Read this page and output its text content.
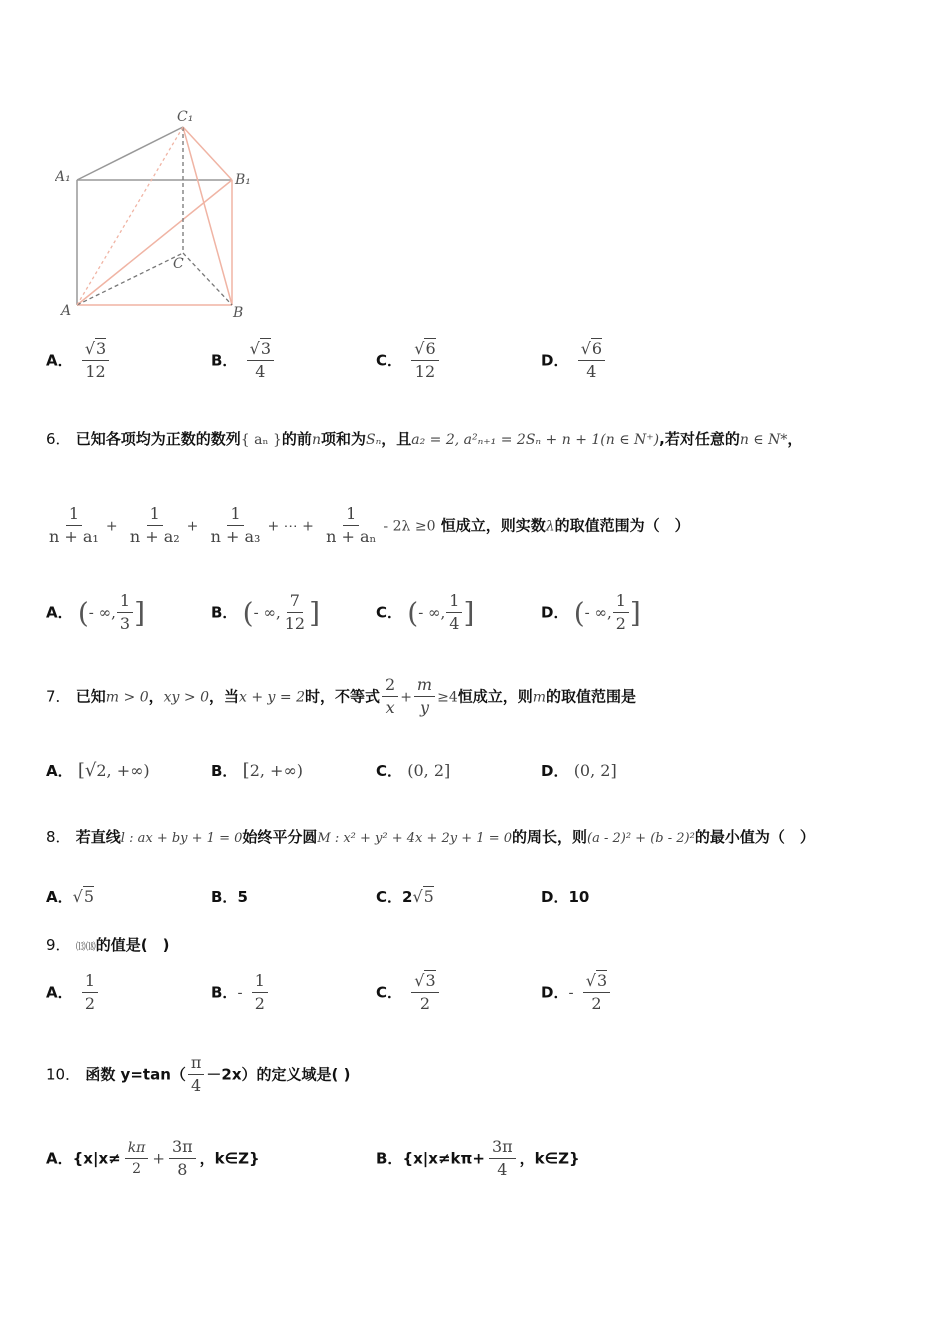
C₁
A₁	B₁
C
A	B
A． $\frac{√3}{12}$	B． $\frac{√3}{4}$	C． $\frac{√6}{12}$	D． $\frac{√6}{4}$
6． 已知各项均为正数的数列{ aₙ }的前n项和为Sₙ，且a₂ = 2, a²ₙ₊₁ = 2Sₙ + n + 1(n ∈ N⁺),若对任意的n ∈ N*，
$\frac{1}{\text{n + a₁}} + \frac{1}{\text{n + a₂}} + \frac{1}{\text{n + a₃}}$ + ⋯ + $\frac{1}{\text{n + aₙ}} - 2\lambda \ge 0$ 恒成立，则实数λ的取值范围为（　）
A． (- ∞, $\frac{1}{3}$ ]	B． (- ∞, $\frac{7}{12}$ ]	C． (- ∞, $\frac{1}{4}$ ]	D． (- ∞, $\frac{1}{2}$ ]
7． 已知m > 0，xy > 0，当x + y = 2时，不等式 $\frac{2}{x} + \frac{m}{y} \ge 4$恒成立，则m的取值范围是
A． [√2, +∞)	B． [2, +∞)	C． (0, 2]	D． (0, 2]
8． 若直线l : ax + by + 1 = 0始终平分圆M : x² + y² + 4x + 2y + 1 = 0的周长，则(a - 2)² + (b - 2)²的最小值为（　）
A．√5	B．5	C．2√5	D．10
9． ⒀⒅的值是(　)
A． $\frac{1}{2}$	B．- $\frac{1}{2}$	C． $\frac{√3}{2}$	D．- $\frac{√3}{2}$
10． 函数 $y=\tan( \frac{\pi}{4} -2x)$的定义域是( )
A．{$x|x\ne \frac{k\pi}{2} + \frac{3\pi}{8}$ ，k∈Z}	B．{$x|x\ne k\pi+ \frac{3\pi}{4}$ ，k∈Z}
